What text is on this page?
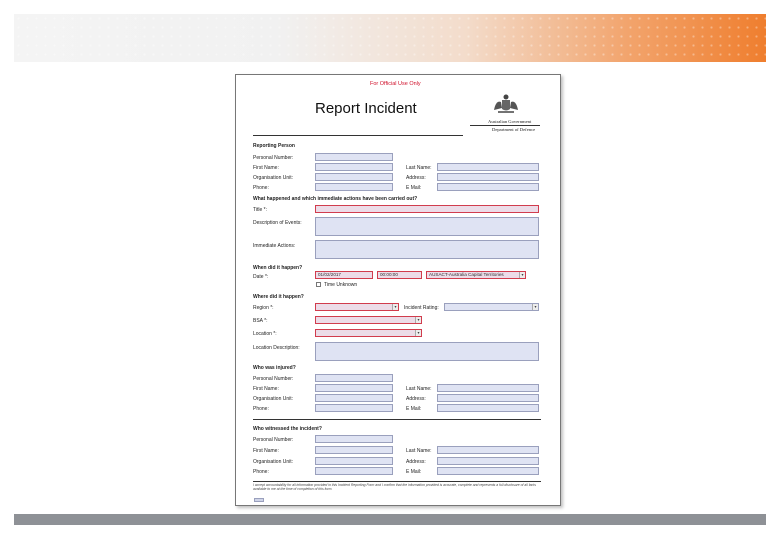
For Official Use Only
Report Incident
Australian Government
Department of Defence
Reporting Person
Personal Number:
First Name:	Last Name:
Organisation Unit:	Address:
Phone:	E Mail:
What happened and which immediate actions have been carried out?
Title *:
Description of Events:
Immediate Actions:
When did it happen?
Date *:	01/02/2017	00:00:00	AUSACT-Australia Capital Territories	▾
Time Unknown
Where did it happen?
Region *:	▾	Incident Rating:	▾
BSA *:	▾
Location *:	▾
Location Description:
Who was injured?
Personal Number:
First Name:	Last Name:
Organisation Unit:	Address:
Phone:	E Mail:
Who witnessed the incident?
Personal Number:
First Name:	Last Name:
Organisation Unit:	Address:
Phone:	E Mail:
I accept accountability for all information provided in this Incident Reporting Form and I confirm that the information provided is accurate, complete and represents a full disclosure of all facts available to me at the time of completion of this form.
